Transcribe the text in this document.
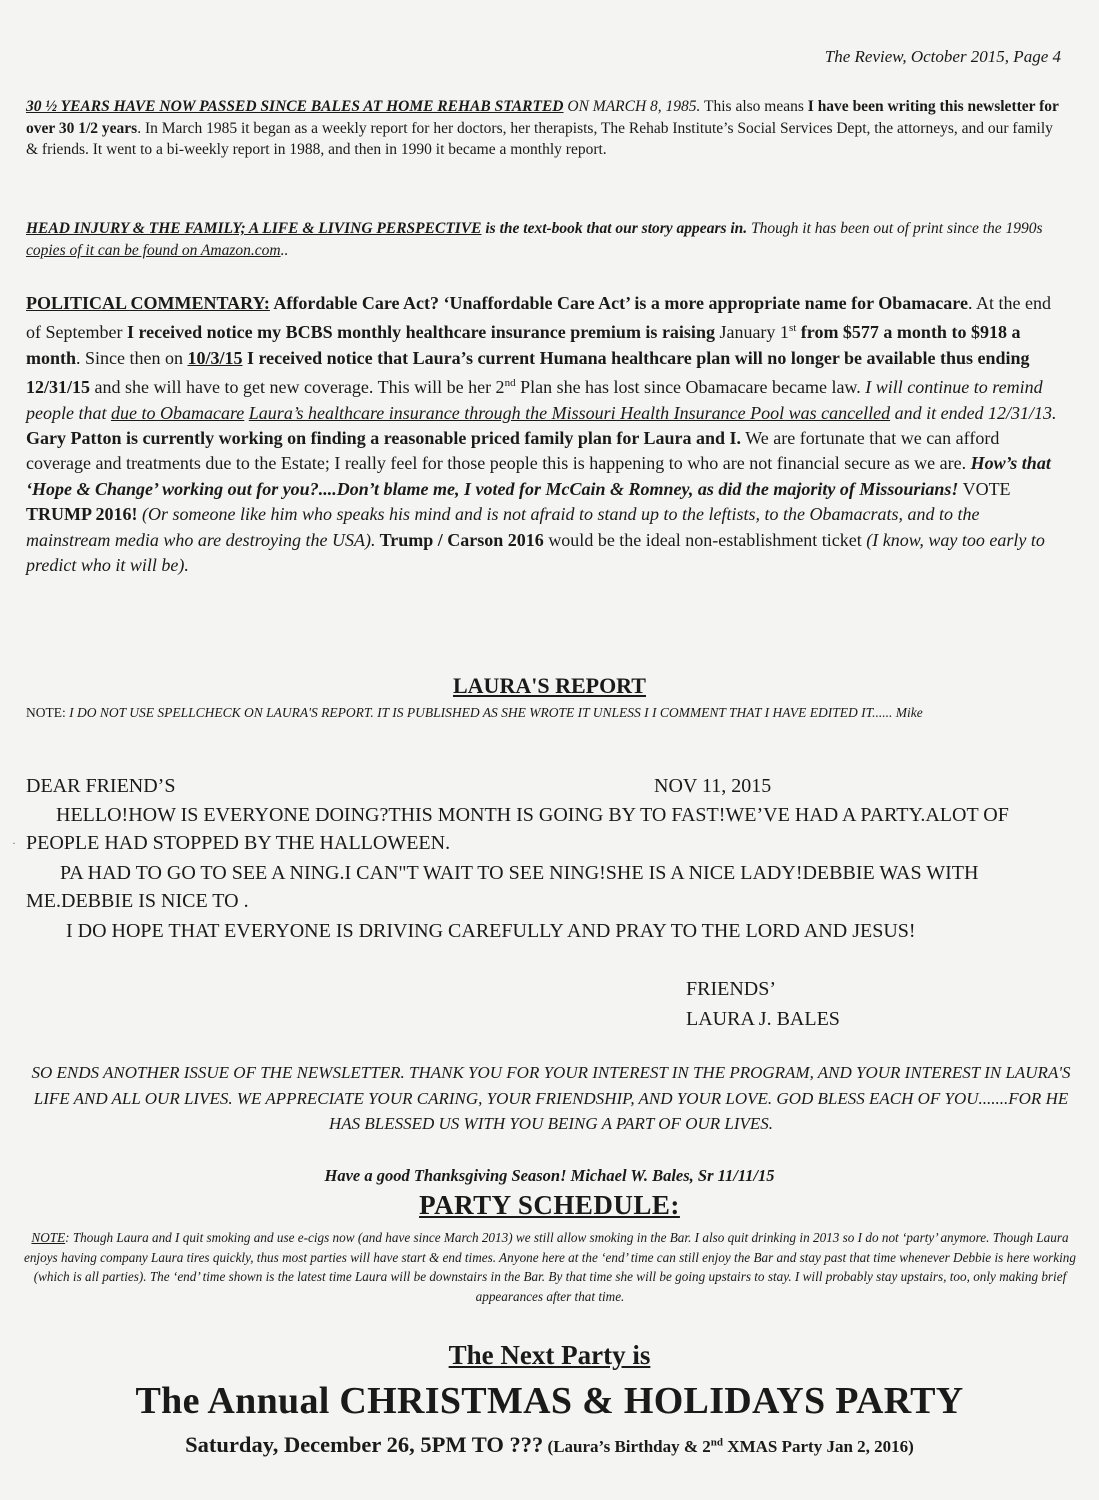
The Review, October 2015, Page 4
30 ½ YEARS HAVE NOW PASSED SINCE BALES AT HOME REHAB STARTED ON MARCH 8, 1985. This also means I have been writing this newsletter for over 30 1/2 years. In March 1985 it began as a weekly report for her doctors, her therapists, The Rehab Institute’s Social Services Dept, the attorneys, and our family & friends. It went to a bi-weekly report in 1988, and then in 1990 it became a monthly report.
HEAD INJURY & THE FAMILY; A LIFE & LIVING PERSPECTIVE is the text-book that our story appears in. Though it has been out of print since the 1990s copies of it can be found on Amazon.com..
POLITICAL COMMENTARY: Affordable Care Act? ‘Unaffordable Care Act’ is a more appropriate name for Obamacare. At the end of September I received notice my BCBS monthly healthcare insurance premium is raising January 1st from $577 a month to $918 a month. Since then on 10/3/15 I received notice that Laura’s current Humana healthcare plan will no longer be available thus ending 12/31/15 and she will have to get new coverage. This will be her 2nd Plan she has lost since Obamacare became law. I will continue to remind people that due to Obamacare Laura’s healthcare insurance through the Missouri Health Insurance Pool was cancelled and it ended 12/31/13. Gary Patton is currently working on finding a reasonable priced family plan for Laura and I. We are fortunate that we can afford coverage and treatments due to the Estate; I really feel for those people this is happening to who are not financial secure as we are. How’s that ‘Hope & Change’ working out for you?....Don’t blame me, I voted for McCain & Romney, as did the majority of Missourians! VOTE TRUMP 2016! (Or someone like him who speaks his mind and is not afraid to stand up to the leftists, to the Obamacrats, and to the mainstream media who are destroying the USA). Trump / Carson 2016 would be the ideal non-establishment ticket (I know, way too early to predict who it will be).
LAURA'S REPORT
NOTE: I DO NOT USE SPELLCHECK ON LAURA'S REPORT. IT IS PUBLISHED AS SHE WROTE IT UNLESS I I COMMENT THAT I HAVE EDITED IT...... Mike
DEAR FRIEND’S	NOV 11, 2015
HELLO!HOW IS EVERYONE DOING?THIS MONTH IS GOING BY TO FAST!WE’VE HAD A PARTY.ALOT OF PEOPLE HAD STOPPED BY THE HALLOWEEN.
PA HAD TO GO TO SEE A NING.I CAN"T WAIT TO SEE NING!SHE IS A NICE LADY!DEBBIE WAS WITH ME.DEBBIE IS NICE TO .
I DO HOPE THAT EVERYONE IS DRIVING CAREFULLY AND PRAY TO THE LORD AND JESUS!
FRIENDS’
LAURA J. BALES
·
SO ENDS ANOTHER ISSUE OF THE NEWSLETTER. THANK YOU FOR YOUR INTEREST IN THE PROGRAM, AND YOUR INTEREST IN LAURA'S LIFE AND ALL OUR LIVES. WE APPRECIATE YOUR CARING, YOUR FRIENDSHIP, AND YOUR LOVE. GOD BLESS EACH OF YOU.......FOR HE HAS BLESSED US WITH YOU BEING A PART OF OUR LIVES.
Have a good Thanksgiving Season! Michael W. Bales, Sr 11/11/15
PARTY SCHEDULE:
NOTE: Though Laura and I quit smoking and use e-cigs now (and have since March 2013) we still allow smoking in the Bar. I also quit drinking in 2013 so I do not ‘party’ anymore. Though Laura enjoys having company Laura tires quickly, thus most parties will have start & end times. Anyone here at the ‘end’ time can still enjoy the Bar and stay past that time whenever Debbie is here working (which is all parties). The ‘end’ time shown is the latest time Laura will be downstairs in the Bar. By that time she will be going upstairs to stay. I will probably stay upstairs, too, only making brief appearances after that time.
The Next Party is
The Annual CHRISTMAS & HOLIDAYS PARTY
Saturday, December 26, 5PM TO ??? (Laura’s Birthday & 2nd XMAS Party Jan 2, 2016)
